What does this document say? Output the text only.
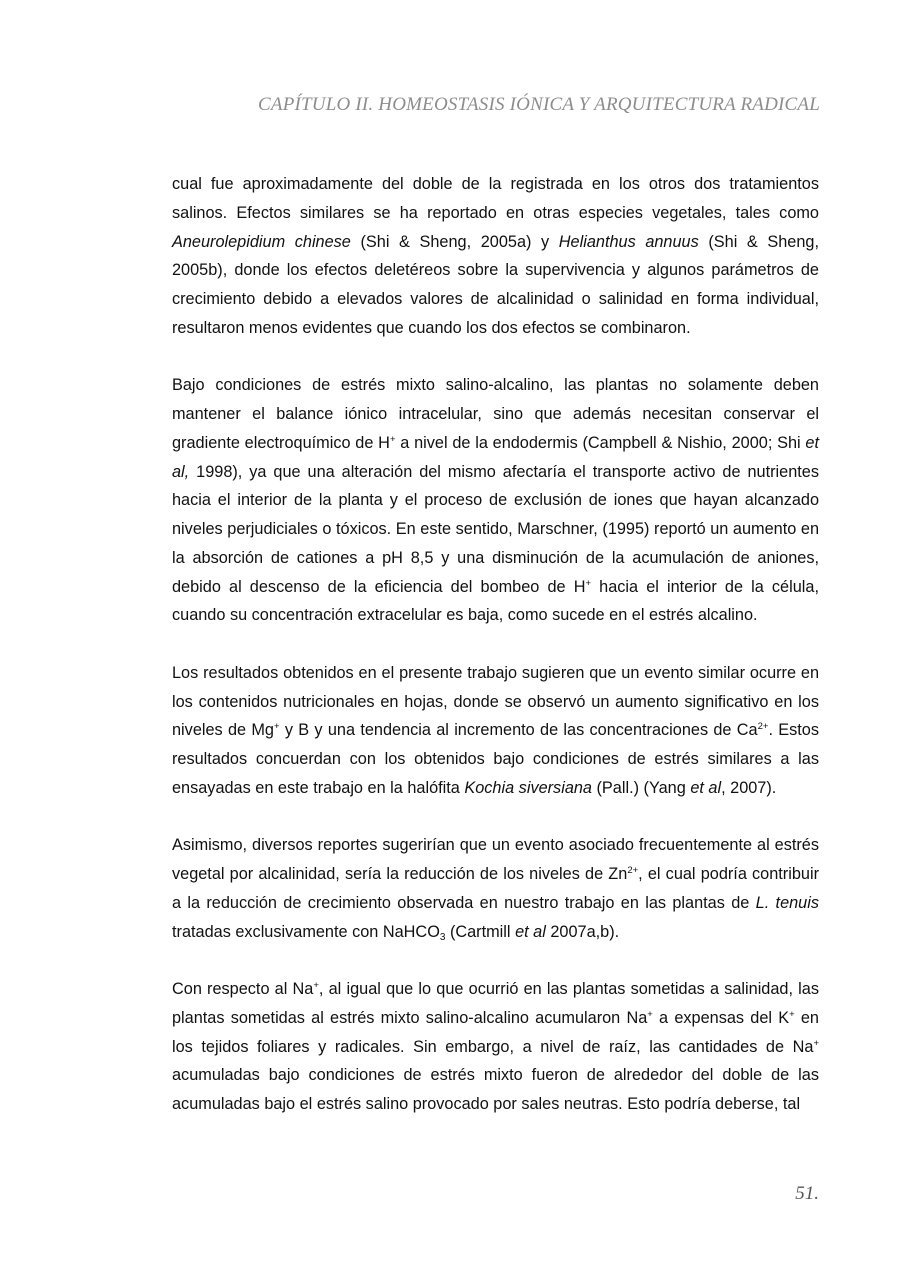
CAPÍTULO II. HOMEOSTASIS IÓNICA Y ARQUITECTURA RADICAL

cual fue aproximadamente del doble de la registrada en los otros dos tratamientos salinos. Efectos similares se ha reportado en otras especies vegetales, tales como Aneurolepidium chinese (Shi & Sheng, 2005a) y Helianthus annuus (Shi & Sheng, 2005b), donde los efectos deletéreos sobre la supervivencia y algunos parámetros de crecimiento debido a elevados valores de alcalinidad o salinidad en forma individual, resultaron menos evidentes que cuando los dos efectos se combinaron.

Bajo condiciones de estrés mixto salino-alcalino, las plantas no solamente deben mantener el balance iónico intracelular, sino que además necesitan conservar el gradiente electroquímico de H+ a nivel de la endodermis (Campbell & Nishio, 2000; Shi et al, 1998), ya que una alteración del mismo afectaría el transporte activo de nutrientes hacia el interior de la planta y el proceso de exclusión de iones que hayan alcanzado niveles perjudiciales o tóxicos. En este sentido, Marschner, (1995) reportó un aumento en la absorción de cationes a pH 8,5 y una disminución de la acumulación de aniones, debido al descenso de la eficiencia del bombeo de H+ hacia el interior de la célula, cuando su concentración extracelular es baja, como sucede en el estrés alcalino.

Los resultados obtenidos en el presente trabajo sugieren que un evento similar ocurre en los contenidos nutricionales en hojas, donde se observó un aumento significativo en los niveles de Mg+ y B y una tendencia al incremento de las concentraciones de $Ca^{2+}$. Estos resultados concuerdan con los obtenidos bajo condiciones de estrés similares a las ensayadas en este trabajo en la halófita Kochia siversiana (Pall.) (Yang et al, 2007).

Asimismo, diversos reportes sugerirían que un evento asociado frecuentemente al estrés vegetal por alcalinidad, sería la reducción de los niveles de $Zn^{2+}$, el cual podría contribuir a la reducción de crecimiento observada en nuestro trabajo en las plantas de L. tenuis tratadas exclusivamente con NaHCO$_3$ (Cartmill et al 2007a,b).

Con respecto al Na+, al igual que lo que ocurrió en las plantas sometidas a salinidad, las plantas sometidas al estrés mixto salino-alcalino acumularon Na+ a expensas del K+ en los tejidos foliares y radicales. Sin embargo, a nivel de raíz, las cantidades de Na+ acumuladas bajo condiciones de estrés mixto fueron de alrededor del doble de las acumuladas bajo el estrés salino provocado por sales neutras. Esto podría deberse, tal

51.
